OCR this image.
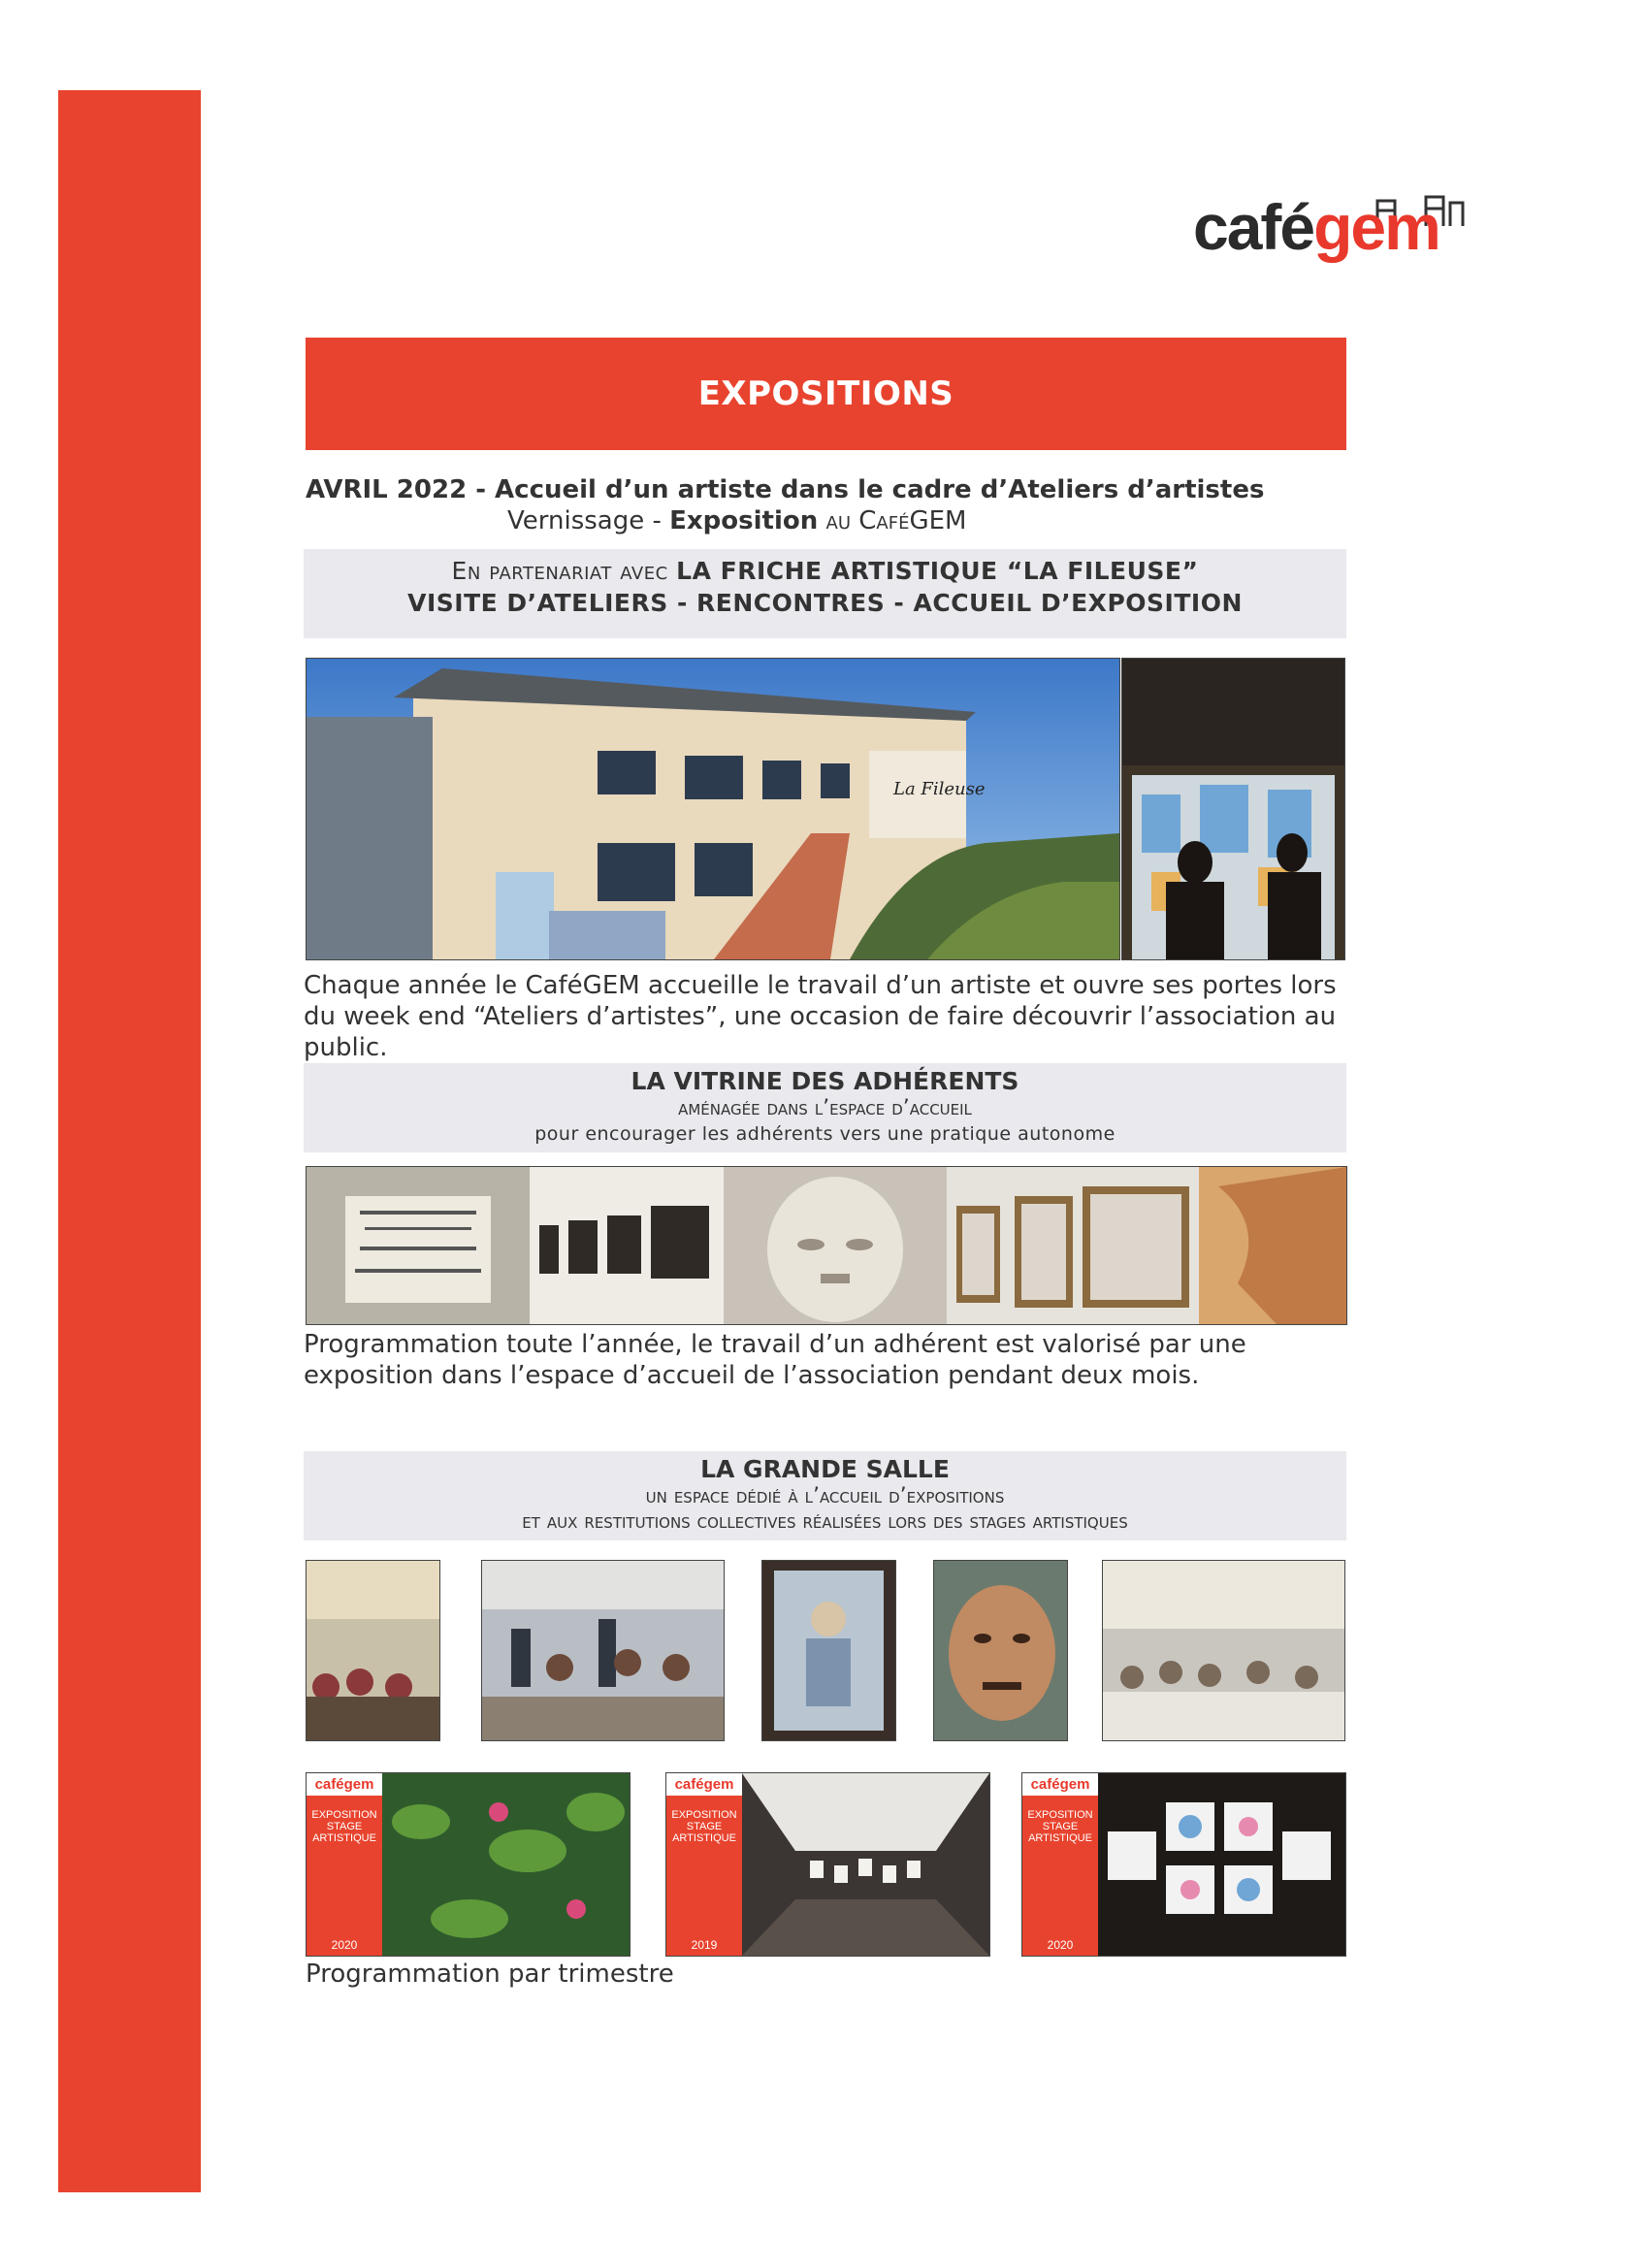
cafégem
EXPOSITIONS
AVRIL 2022 - Accueil d’un artiste dans le cadre d’Ateliers d’artistes
Vernissage - Exposition au CaféGEM
En partenariat avec LA FRICHE ARTISTIQUE “LA FILEUSE”
VISITE D’ATELIERS - RENCONTRES - ACCUEIL D’EXPOSITION
La Fileuse
Chaque année le CaféGEM accueille le travail d’un artiste et ouvre ses portes lors du week end “Ateliers d’artistes”, une occasion de faire découvrir l’association au public.
LA VITRINE DES ADHÉRENTS
aménagée dans l’espace d’accueil
pour encourager les adhérents vers une pratique autonome
Programmation toute l’année, le travail d’un adhérent est valorisé par une exposition dans l’espace d’accueil de l’association pendant deux mois.
LA GRANDE SALLE
un espace dédié à l’accueil d’expositions
et aux restitutions collectives réalisées lors des stages artistiques
cafégem
EXPOSITION STAGE ARTISTIQUE
2020
cafégem
EXPOSITION STAGE ARTISTIQUE
2019
cafégem
EXPOSITION STAGE ARTISTIQUE
2020
Programmation par trimestre
